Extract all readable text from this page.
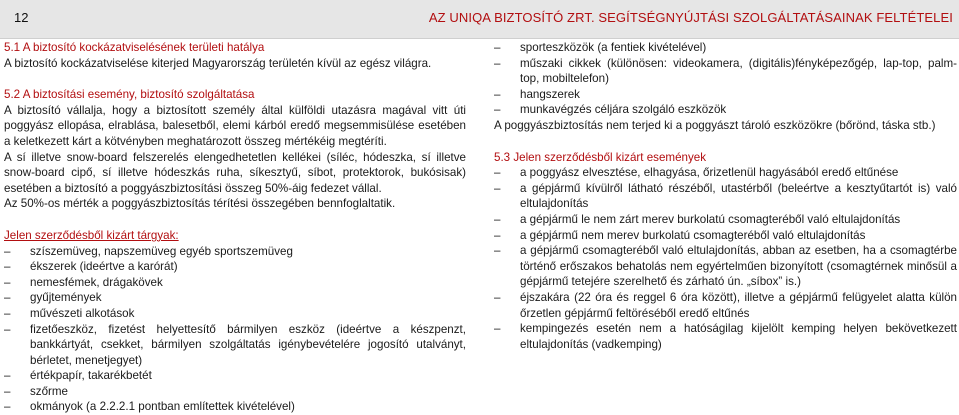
12	AZ UNIQA BIZTOSÍTÓ ZRT. SEGÍTSÉGNYÚJTÁSI SZOLGÁLTATÁSAINAK FELTÉTELEI

5.1 A biztosító kockázatviselésének területi hatálya

A biztosító kockázatviselése kiterjed Magyarország területén kívül az egész világra.

5.2 A biztosítási esemény, biztosító szolgáltatása

A biztosító vállalja, hogy a biztosított személy által külföldi utazásra magával vitt úti poggyász ellopása, elrablása, balesetből, elemi kárból eredő megsemmisülése esetében a keletkezett kárt a kötvényben meghatározott összeg mértékéig megtéríti.

A sí illetve snow-board felszerelés elengedhetetlen kellékei (síléc, hódeszka, sí illetve snow-board cipő, sí illetve hódeszkás ruha, síkesztyű, síbot, protektorok, bukósisak) esetében a biztosító a poggyászbiztosítási összeg 50%-áig fedezet vállal.

Az 50%-os mérték a poggyászbiztosítás térítési összegében bennfoglaltatik.

Jelen szerződésből kizárt tárgyak:

–	szíszemüveg, napszemüveg egyéb sportszemüveg
–	ékszerek (ideértve a karórát)
–	nemesfémek, drágakövek
–	gyűjtemények
–	művészeti alkotások
–	fizetőeszköz, fizetést helyettesítő bármilyen eszköz (ideértve a készpenzt, bankkártyát, csekket, bármilyen szolgáltatás igénybevételére jogosító utalványt, bérletet, menetjegyet)
–	értékpapír, takarékbetét
–	szőrme
–	okmányok (a 2.2.2.1 pontban említettek kivételével)
–	sporteszközök (a fentiek kivételével)
–	műszaki cikkek (különösen: videokamera, (digitális)fényképezőgép, lap-top, palm-top, mobiltelefon)
–	hangszerek
–	munkavégzés céljára szolgáló eszközök

A poggyászbiztosítás nem terjed ki a poggyászt tároló eszközökre (bőrönd, táska stb.)

5.3 Jelen szerződésből kizárt események

–	a poggyász elvesztése, elhagyása, őrizetlenül hagyásából eredő eltűnése
–	a gépjármű kívülről látható részéből, utastérből (beleértve a kesztyűtartót is) való eltulajdonítás
–	a gépjármű le nem zárt merev burkolatú csomagteréből való eltulajdonítás
–	a gépjármű nem merev burkolatú csomagteréből való eltulajdonítás
–	a gépjármű csomagteréből való eltulajdonítás, abban az esetben, ha a csomagtérbe történő erőszakos behatolás nem egyértelműen bizonyított (csomagtérnek minősül a gépjármű tetejére szerelhető és zárható ún. „síbox” is.)
–	éjszakára (22 óra és reggel 6 óra között), illetve a gépjármű felügyelet alatta külön őrzetlen gépjármű feltöréséből eredő eltűnés
–	kempingezés esetén nem a hatóságilag kijelölt kemping helyen bekövetkezett eltulajdonítás (vadkemping)
